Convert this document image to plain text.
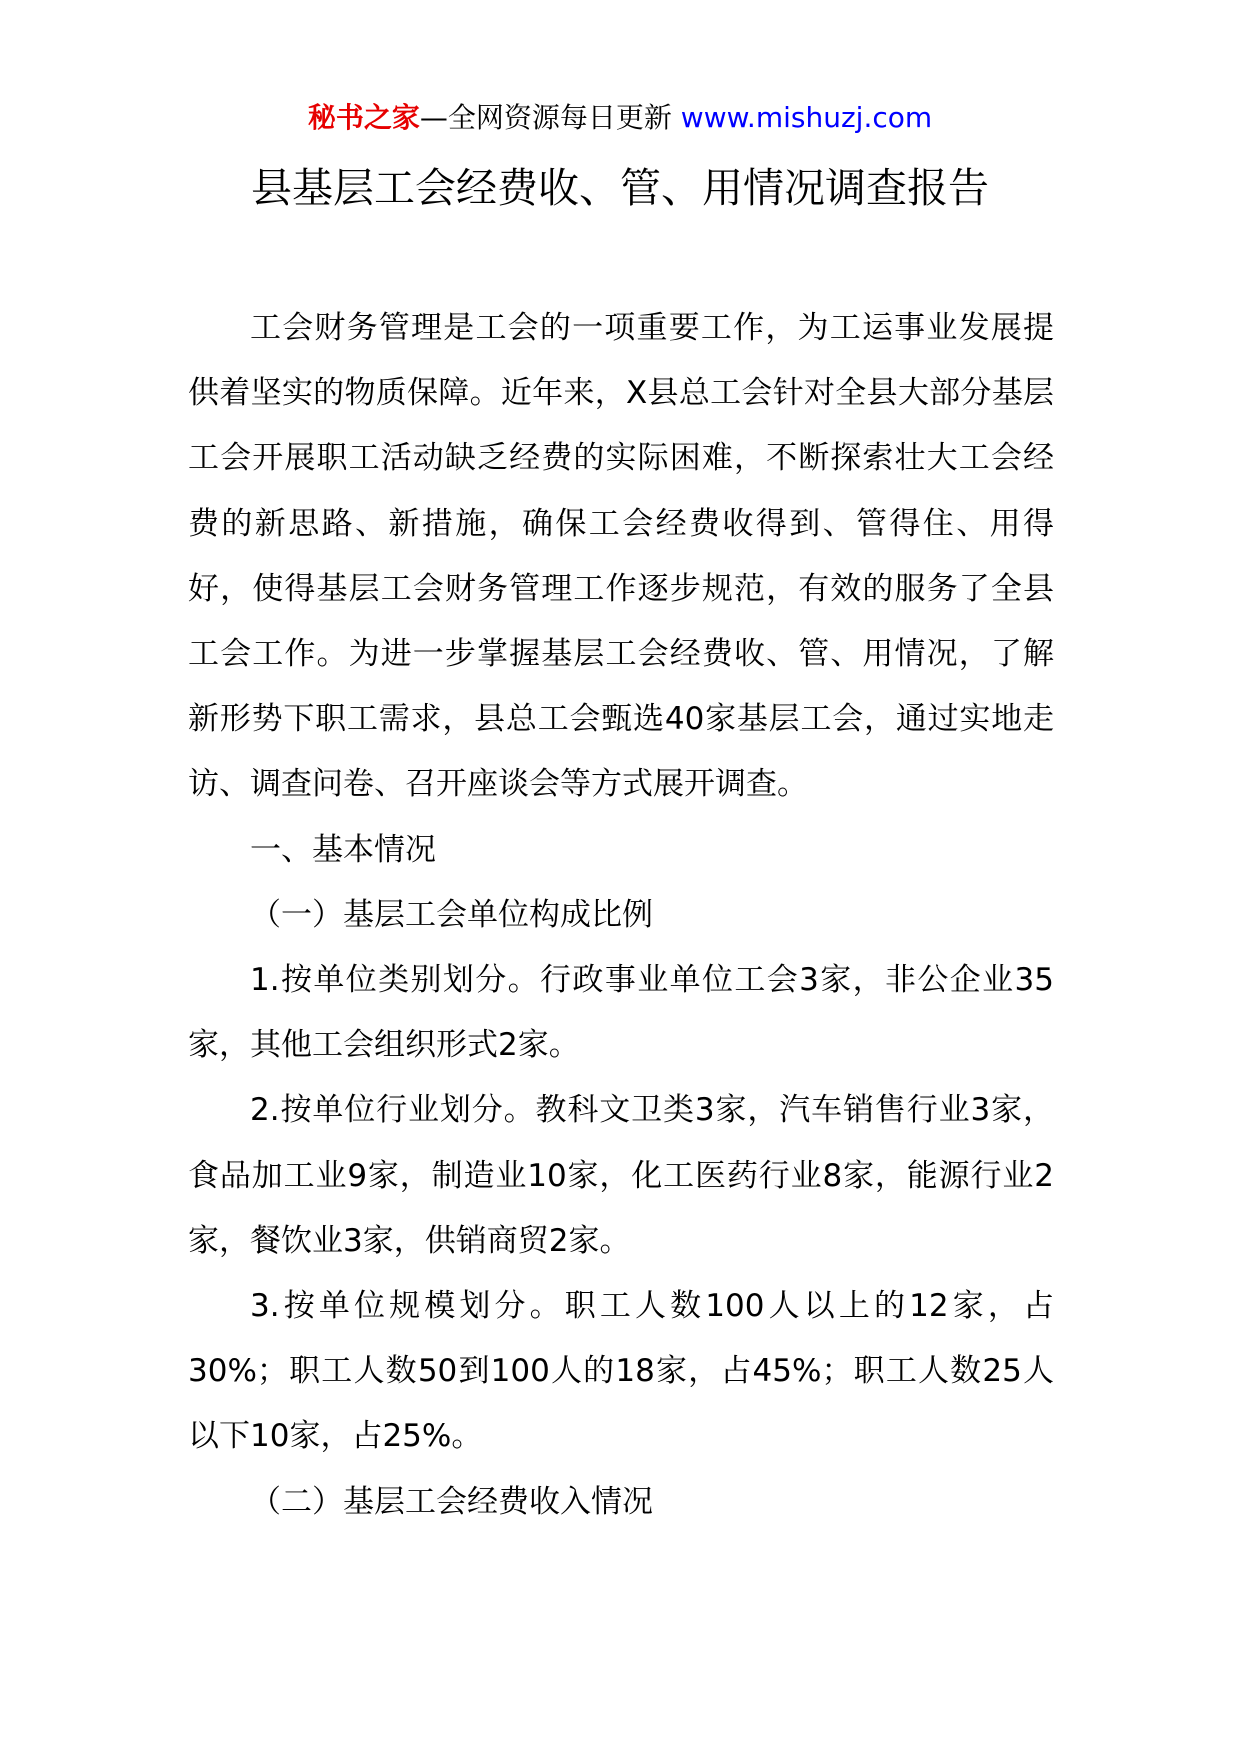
秘书之家—全网资源每日更新 www.mishuzj.com
县基层工会经费收、管、用情况调查报告

工会财务管理是工会的一项重要工作，为工运事业发展提供着坚实的物质保障。近年来，X县总工会针对全县大部分基层工会开展职工活动缺乏经费的实际困难，不断探索壮大工会经费的新思路、新措施，确保工会经费收得到、管得住、用得好，使得基层工会财务管理工作逐步规范，有效的服务了全县工会工作。为进一步掌握基层工会经费收、管、用情况，了解新形势下职工需求，县总工会甄选40家基层工会，通过实地走访、调查问卷、召开座谈会等方式展开调查。

一、基本情况

（一）基层工会单位构成比例

1.按单位类别划分。行政事业单位工会3家，非公企业35家，其他工会组织形式2家。

2.按单位行业划分。教科文卫类3家，汽车销售行业3家，食品加工业9家，制造业10家，化工医药行业8家，能源行业2家，餐饮业3家，供销商贸2家。

3.按单位规模划分。职工人数100人以上的12家，占30%；职工人数50到100人的18家，占45%；职工人数25人以下10家，占25%。

（二）基层工会经费收入情况
